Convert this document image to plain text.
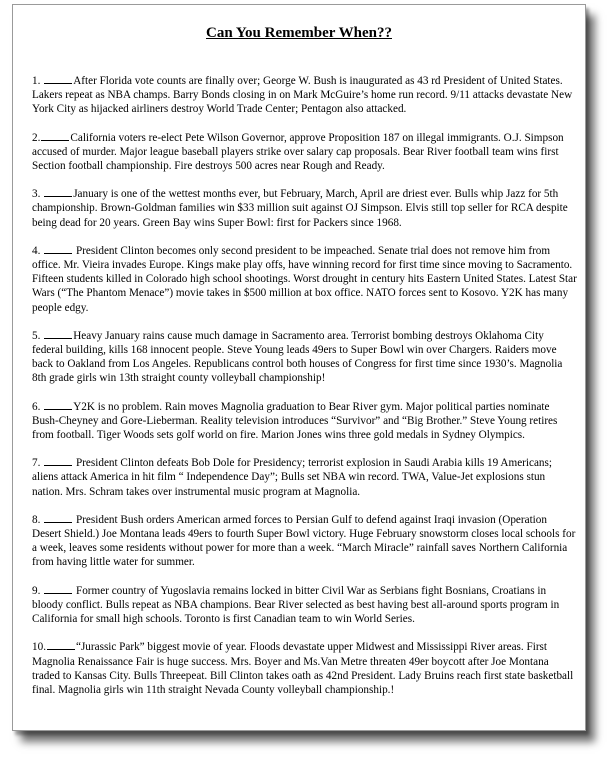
Can You Remember When??

1.	After Florida vote counts are finally over; George W. Bush is inaugurated as 43 rd President of United States. Lakers repeat as NBA champs. Barry Bonds closing in on Mark McGuire’s home run record. 9/11 attacks devastate New York City as hijacked airliners destroy World Trade Center; Pentagon also attacked.

2.	California voters re-elect Pete Wilson Governor, approve Proposition 187 on illegal immigrants. O.J. Simpson accused of murder. Major league baseball players strike over salary cap proposals. Bear River football team wins first Section football championship. Fire destroys 500 acres near Rough and Ready.

3.	January is one of the wettest months ever, but February, March, April are driest ever. Bulls whip Jazz for 5th championship. Brown-Goldman families win $33 million suit against OJ Simpson. Elvis still top seller for RCA despite being dead for 20 years. Green Bay wins Super Bowl: first for Packers since 1968.

4.	President Clinton becomes only second president to be impeached. Senate trial does not remove him from office. Mr. Vieira invades Europe. Kings make play offs, have winning record for first time since moving to Sacramento. Fifteen students killed in Colorado high school shootings. Worst drought in century hits Eastern United States. Latest Star Wars (“The Phantom Menace”) movie takes in $500 million at box office. NATO forces sent to Kosovo. Y2K has many people edgy.

5.	Heavy January rains cause much damage in Sacramento area. Terrorist bombing destroys Oklahoma City federal building, kills 168 innocent people. Steve Young leads 49ers to Super Bowl win over Chargers. Raiders move back to Oakland from Los Angeles. Republicans control both houses of Congress for first time since 1930’s. Magnolia 8th grade girls win 13th straight county volleyball championship!

6.	Y2K is no problem. Rain moves Magnolia graduation to Bear River gym. Major political parties nominate Bush-Cheyney and Gore-Lieberman. Reality television introduces “Survivor” and “Big Brother.” Steve Young retires from football. Tiger Woods sets golf world on fire. Marion Jones wins three gold medals in Sydney Olympics.

7.	President Clinton defeats Bob Dole for Presidency; terrorist explosion in Saudi Arabia kills 19 Americans; aliens attack America in hit film “ Independence Day”; Bulls set NBA win record. TWA, Value-Jet explosions stun nation. Mrs. Schram takes over instrumental music program at Magnolia.

8.	President Bush orders American armed forces to Persian Gulf to defend against Iraqi invasion (Operation Desert Shield.) Joe Montana leads 49ers to fourth Super Bowl victory. Huge February snowstorm closes local schools for a week, leaves some residents without power for more than a week. “March Miracle” rainfall saves Northern California from having little water for summer.

9.	Former country of Yugoslavia remains locked in bitter Civil War as Serbians fight Bosnians, Croatians in bloody conflict. Bulls repeat as NBA champions. Bear River selected as best having best all-around sports program in California for small high schools. Toronto is first Canadian team to win World Series.

10.	“Jurassic Park” biggest movie of year. Floods devastate upper Midwest and Mississippi River areas. First Magnolia Renaissance Fair is huge success. Mrs. Boyer and Ms.Van Metre threaten 49er boycott after Joe Montana traded to Kansas City. Bulls Threepeat. Bill Clinton takes oath as 42nd President. Lady Bruins reach first state basketball final. Magnolia girls win 11th straight Nevada County volleyball championship.!
